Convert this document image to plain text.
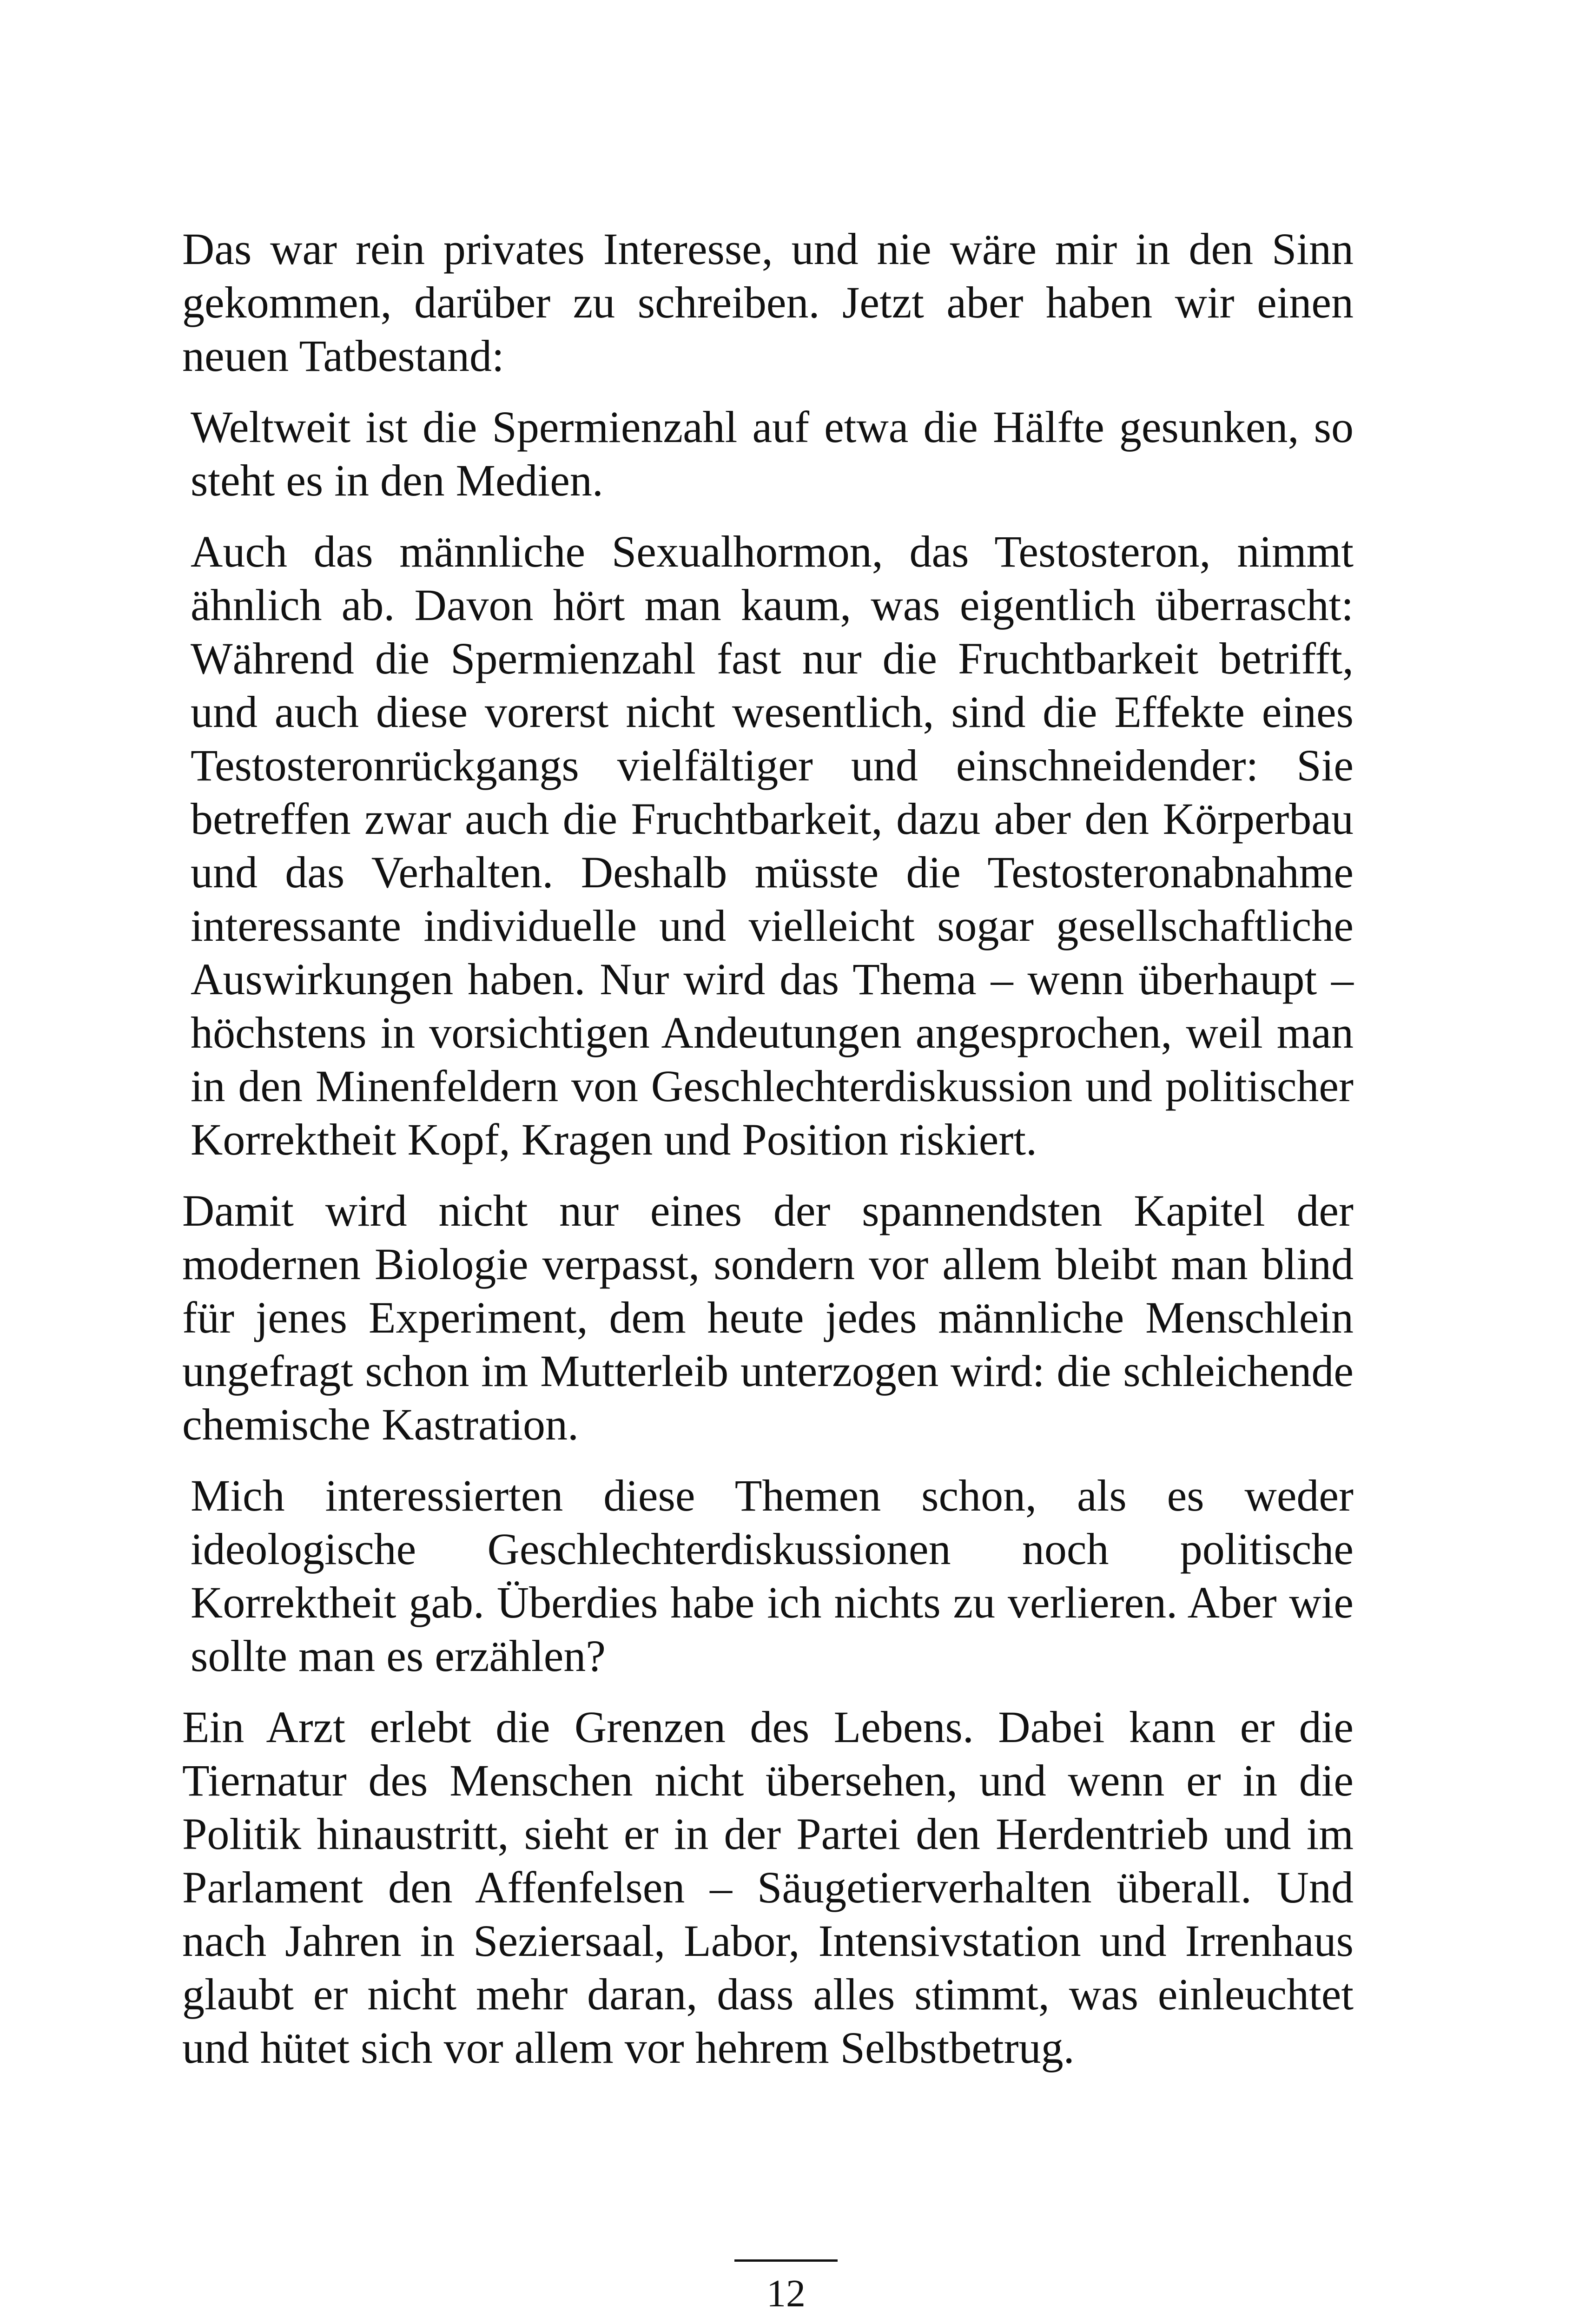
Das war rein privates Interesse, und nie wäre mir in den Sinn gekommen, darüber zu schreiben. Jetzt aber haben wir einen neuen Tatbestand:

Weltweit ist die Spermienzahl auf etwa die Hälfte gesunken, so steht es in den Medien.

Auch das männliche Sexualhormon, das Testosteron, nimmt ähnlich ab. Davon hört man kaum, was eigentlich überrascht: Während die Spermienzahl fast nur die Fruchtbarkeit betrifft, und auch diese vorerst nicht wesentlich, sind die Effekte eines Testosteronrückgangs vielfältiger und einschneidender: Sie betreffen zwar auch die Fruchtbarkeit, dazu aber den Körperbau und das Verhalten. Deshalb müsste die Testosteronabnahme interessante individuelle und vielleicht sogar gesellschaftliche Auswirkungen haben. Nur wird das Thema – wenn überhaupt – höchstens in vorsichtigen Andeutungen angesprochen, weil man in den Minenfeldern von Geschlechterdiskussion und politischer Korrektheit Kopf, Kragen und Position riskiert.

Damit wird nicht nur eines der spannendsten Kapitel der modernen Biologie verpasst, sondern vor allem bleibt man blind für jenes Experiment, dem heute jedes männliche Menschlein ungefragt schon im Mutterleib unterzogen wird: die schleichende chemische Kastration.

Mich interessierten diese Themen schon, als es weder ideologische Geschlechterdiskussionen noch politische Korrektheit gab. Überdies habe ich nichts zu verlieren. Aber wie sollte man es erzählen?

Ein Arzt erlebt die Grenzen des Lebens. Dabei kann er die Tiernatur des Menschen nicht übersehen, und wenn er in die Politik hinaustritt, sieht er in der Partei den Herdentrieb und im Parlament den Affenfelsen – Säugetierverhalten überall. Und nach Jahren in Seziersaal, Labor, Intensivstation und Irrenhaus glaubt er nicht mehr daran, dass alles stimmt, was einleuchtet und hütet sich vor allem vor hehrem Selbstbetrug.

12
